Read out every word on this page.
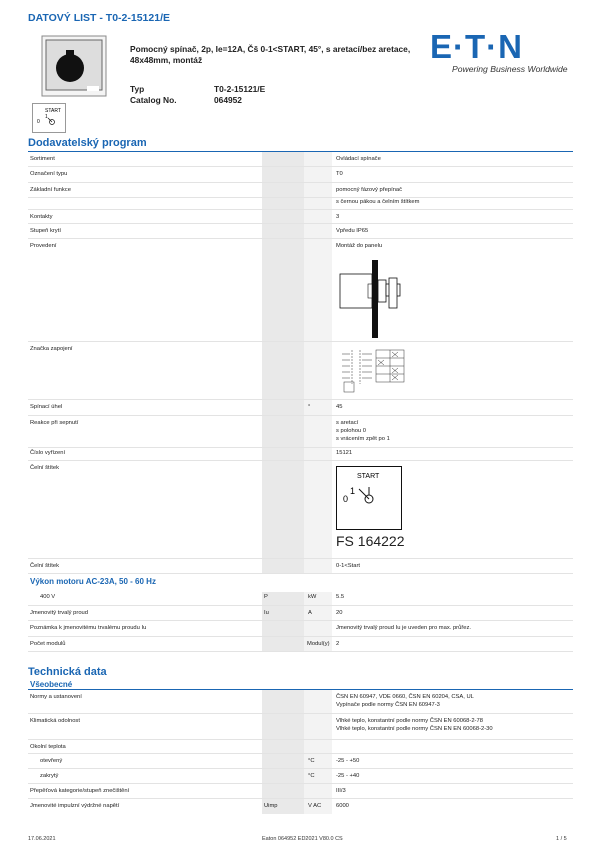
DATOVÝ LIST - T0-2-15121/E
START
0
1
Pomocný spínač, 2p, Ie=12A, Čš 0-1<START, 45°, s aretací/bez aretace, 48x48mm, montáž
Typ	T0-2-15121/E
Catalog No.	064952
E·T·N
Powering Business Worldwide
Dodavatelský program
Sortiment	Ovládací spínače
Označení typu	T0
Základní funkce	pomocný fázový přepínač
s černou pákou a čelním štítkem
Kontakty	3
Stupeň krytí	Vpředu IP65
Provedení	Montáž do panelu
Značka zapojení
Spínací úhel	°	45
Reakce při sepnutí	s aretací
s polohou 0
s vrácením zpět po 1
Číslo vyřízení	15121
Čelní štítek
START
1
0
FS 164222
Čelní štítek	0-1<Start
400 V	P	kW	5.5
Jmenovitý trvalý proud	Iu	A	20
Poznámka k jmenovitému trvalému proudu Iu	Jmenovitý trvalý proud Iu je uveden pro max. průřez.
Počet modulů	Modul(y) 2
Výkon motoru AC-23A, 50 - 60 Hz
Technická data
Všeobecné
Normy a ustanovení	ČSN EN 60947, VDE 0660, ČSN EN 60204, CSA, UL
Vypínače podle normy ČSN EN 60947-3
Klimatická odolnost	Vlhké teplo, konstantní podle normy ČSN EN 60068-2-78
Vlhké teplo, konstantní podle normy ČSN EN EN 60068-2-30
Okolní teplota
otevřený	°C	-25 - +50
zakrytý	°C	-25 - +40
Přepěťová kategorie/stupeň znečištění	III/3
Jmenovité impulzní výdržné napětí	Uimp	V AC	6000
17.06.2021	Eaton 064952 ED2021 V80.0 CS	1 / 5
